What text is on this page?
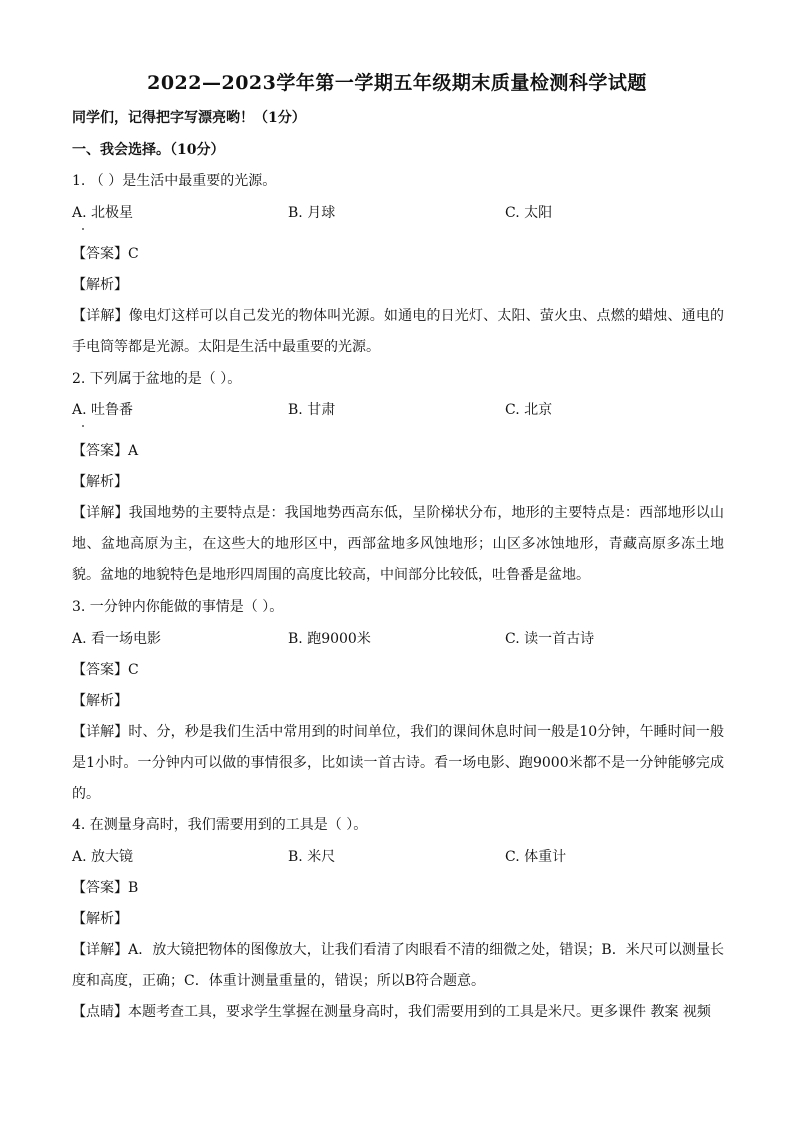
2022—2023学年第一学期五年级期末质量检测科学试题
同学们，记得把字写漂亮哟！（1分）
一、我会选择。（10分）
1. （ ）是生活中最重要的光源。
A. 北极星	B. 月球	C. 太阳
【答案】C
【解析】
【详解】像电灯这样可以自己发光的物体叫光源。如通电的日光灯、太阳、萤火虫、点燃的蜡烛、通电的手电筒等都是光源。太阳是生活中最重要的光源。
2. 下列属于盆地的是（ ）。
A. 吐鲁番	B. 甘肃	C. 北京
【答案】A
【解析】
【详解】我国地势的主要特点是：我国地势西高东低，呈阶梯状分布，地形的主要特点是：西部地形以山地、盆地高原为主，在这些大的地形区中，西部盆地多风蚀地形；山区多冰蚀地形，青藏高原多冻土地貌。盆地的地貌特色是地形四周围的高度比较高，中间部分比较低，吐鲁番是盆地。
3. 一分钟内你能做的事情是（ ）。
A. 看一场电影	B. 跑9000米	C. 读一首古诗
【答案】C
【解析】
【详解】时、分，秒是我们生活中常用到的时间单位，我们的课间休息时间一般是10分钟，午睡时间一般是1小时。一分钟内可以做的事情很多，比如读一首古诗。看一场电影、跑9000米都不是一分钟能够完成的。
4. 在测量身高时，我们需要用到的工具是（ ）。
A. 放大镜	B. 米尺	C. 体重计
【答案】B
【解析】
【详解】A．放大镜把物体的图像放大，让我们看清了肉眼看不清的细微之处，错误；B．米尺可以测量长度和高度，正确；C．体重计测量重量的，错误；所以B符合题意。
【点睛】本题考查工具，要求学生掌握在测量身高时，我们需要用到的工具是米尺。更多课件 教案 视频
